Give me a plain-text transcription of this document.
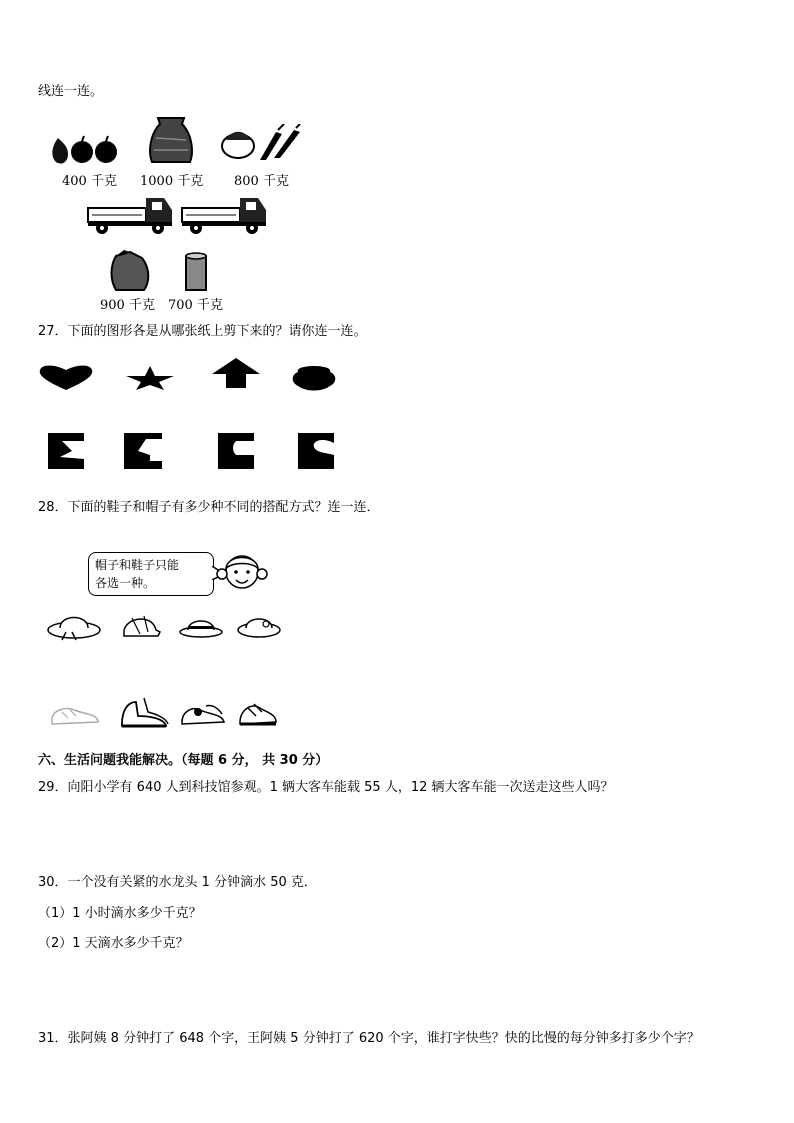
线连一连。
400 千克 1000 千克 800 千克
900 千克 700 千克
27．下面的图形各是从哪张纸上剪下来的？请你连一连。
28．下面的鞋子和帽子有多少种不同的搭配方式？连一连．
帽子和鞋子只能
各选一种。
六、生活问题我能解决。（每题 6 分， 共 30 分）
29．向阳小学有 640 人到科技馆参观。1 辆大客车能载 55 人，12 辆大客车能一次送走这些人吗？
30．一个没有关紧的水龙头 1 分钟滴水 50 克．
（1）1 小时滴水多少千克？
（2）1 天滴水多少千克？
31．张阿姨 8 分钟打了 648 个字，王阿姨 5 分钟打了 620 个字，谁打字快些？快的比慢的每分钟多打多少个字？
